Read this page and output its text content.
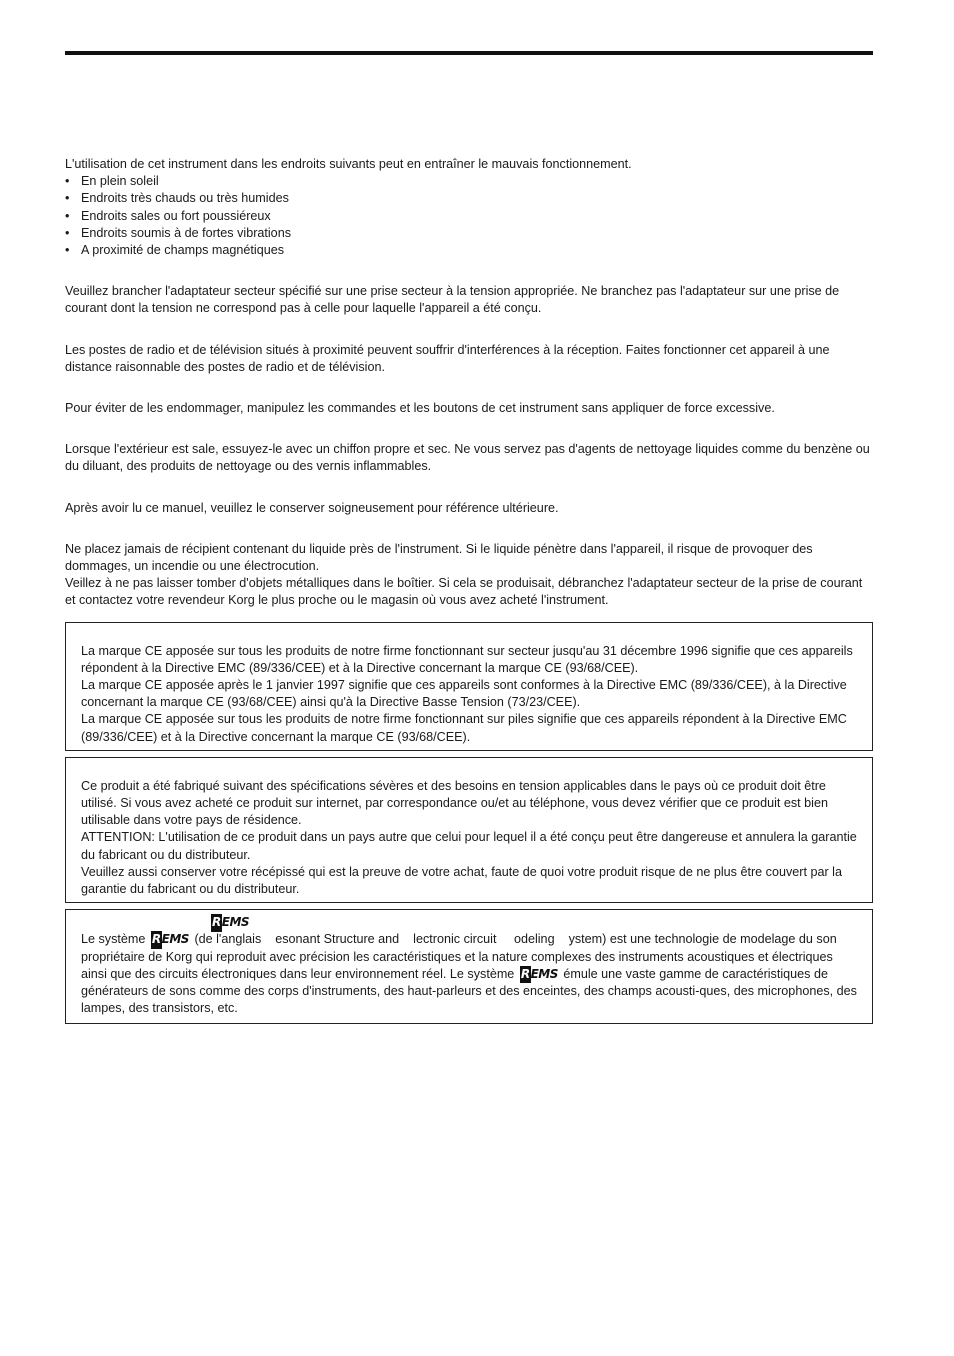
L'utilisation de cet instrument dans les endroits suivants peut en entraîner le mauvais fonctionnement.

• En plein soleil
• Endroits très chauds ou très humides
• Endroits sales ou fort poussiéreux
• Endroits soumis à de fortes vibrations
• A proximité de champs magnétiques

Veuillez brancher l'adaptateur secteur spécifié sur une prise secteur à la tension appropriée. Ne branchez pas l'adaptateur sur une prise de courant dont la tension ne correspond pas à celle pour laquelle l'appareil a été conçu.

Les postes de radio et de télévision situés à proximité peuvent souffrir d'interférences à la réception. Faites fonctionner cet appareil à une distance raisonnable des postes de radio et de télévision.

Pour éviter de les endommager, manipulez les commandes et les boutons de cet instrument sans appliquer de force excessive.

Lorsque l'extérieur est sale, essuyez-le avec un chiffon propre et sec. Ne vous servez pas d'agents de nettoyage liquides comme du benzène ou du diluant, des produits de nettoyage ou des vernis inflammables.

Après avoir lu ce manuel, veuillez le conserver soigneusement pour référence ultérieure.

Ne placez jamais de récipient contenant du liquide près de l'instrument. Si le liquide pénètre dans l'appareil, il risque de provoquer des dommages, un incendie ou une électrocution.

Veillez à ne pas laisser tomber d'objets métalliques dans le boîtier. Si cela se produisait, débranchez l'adaptateur secteur de la prise de courant et contactez votre revendeur Korg le plus proche ou le magasin où vous avez acheté l'instrument.

La marque CE apposée sur tous les produits de notre firme fonctionnant sur secteur jusqu'au 31 décembre 1996 signifie que ces appareils répondent à la Directive EMC (89/336/CEE) et à la Directive concernant la marque CE (93/68/CEE).

La marque CE apposée après le 1 janvier 1997 signifie que ces appareils sont conformes à la Directive EMC (89/336/CEE), à la Directive concernant la marque CE (93/68/CEE) ainsi qu'à la Directive Basse Tension (73/23/CEE).

La marque CE apposée sur tous les produits de notre firme fonctionnant sur piles signifie que ces appareils répondent à la Directive EMC (89/336/CEE) et à la Directive concernant la marque CE (93/68/CEE).

Ce produit a été fabriqué suivant des spécifications sévères et des besoins en tension applicables dans le pays où ce produit doit être utilisé. Si vous avez acheté ce produit sur internet, par correspondance ou/et au téléphone, vous devez vérifier que ce produit est bien utilisable dans votre pays de résidence.

ATTENTION: L'utilisation de ce produit dans un pays autre que celui pour lequel il a été conçu peut être dangereuse et annulera la garantie du fabricant ou du distributeur.

Veuillez aussi conserver votre récépissé qui est la preuve de votre achat, faute de quoi votre produit risque de ne plus être couvert par la garantie du fabricant ou du distributeur.

REMS

Le système REMS (de l'anglais esonant Structure and lectronic circuit odeling ystem) est une technologie de modelage du son propriétaire de Korg qui reproduit avec précision les caractéristiques et la nature complexes des instruments acoustiques et électriques ainsi que des circuits électroniques dans leur environnement réel. Le système REMS émule une vaste gamme de caractéristiques de générateurs de sons comme des corps d'instruments, des haut-parleurs et des enceintes, des champs acousti-ques, des microphones, des lampes, des transistors, etc.
